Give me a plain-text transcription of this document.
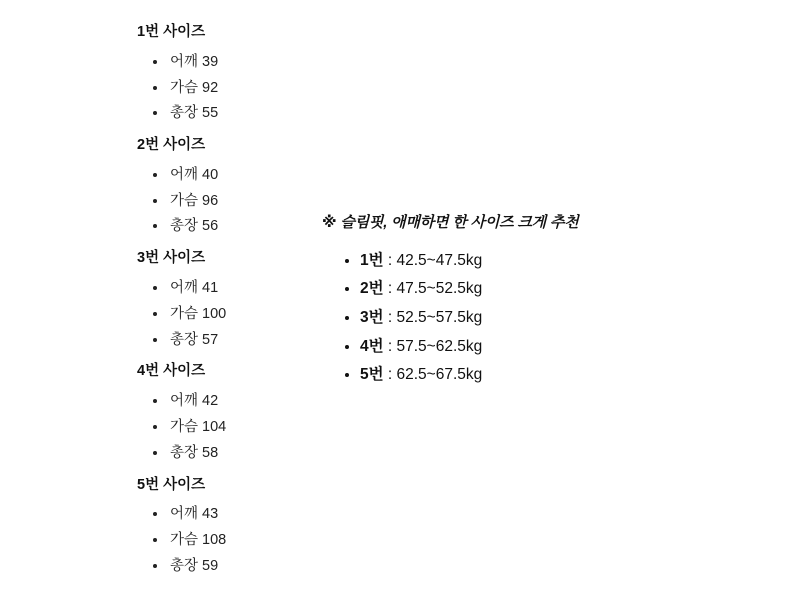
1번 사이즈
• 어깨 39
• 가슴 92
• 총장 55
2번 사이즈
• 어깨 40
• 가슴 96
• 총장 56
3번 사이즈
• 어깨 41
• 가슴 100
• 총장 57
4번 사이즈
• 어깨 42
• 가슴 104
• 총장 58
5번 사이즈
• 어깨 43
• 가슴 108
• 총장 59

※ 슬림핏, 애매하면 한 사이즈 크게 추천

• 1번 : 42.5~47.5kg
• 2번 : 47.5~52.5kg
• 3번 : 52.5~57.5kg
• 4번 : 57.5~62.5kg
• 5번 : 62.5~67.5kg
